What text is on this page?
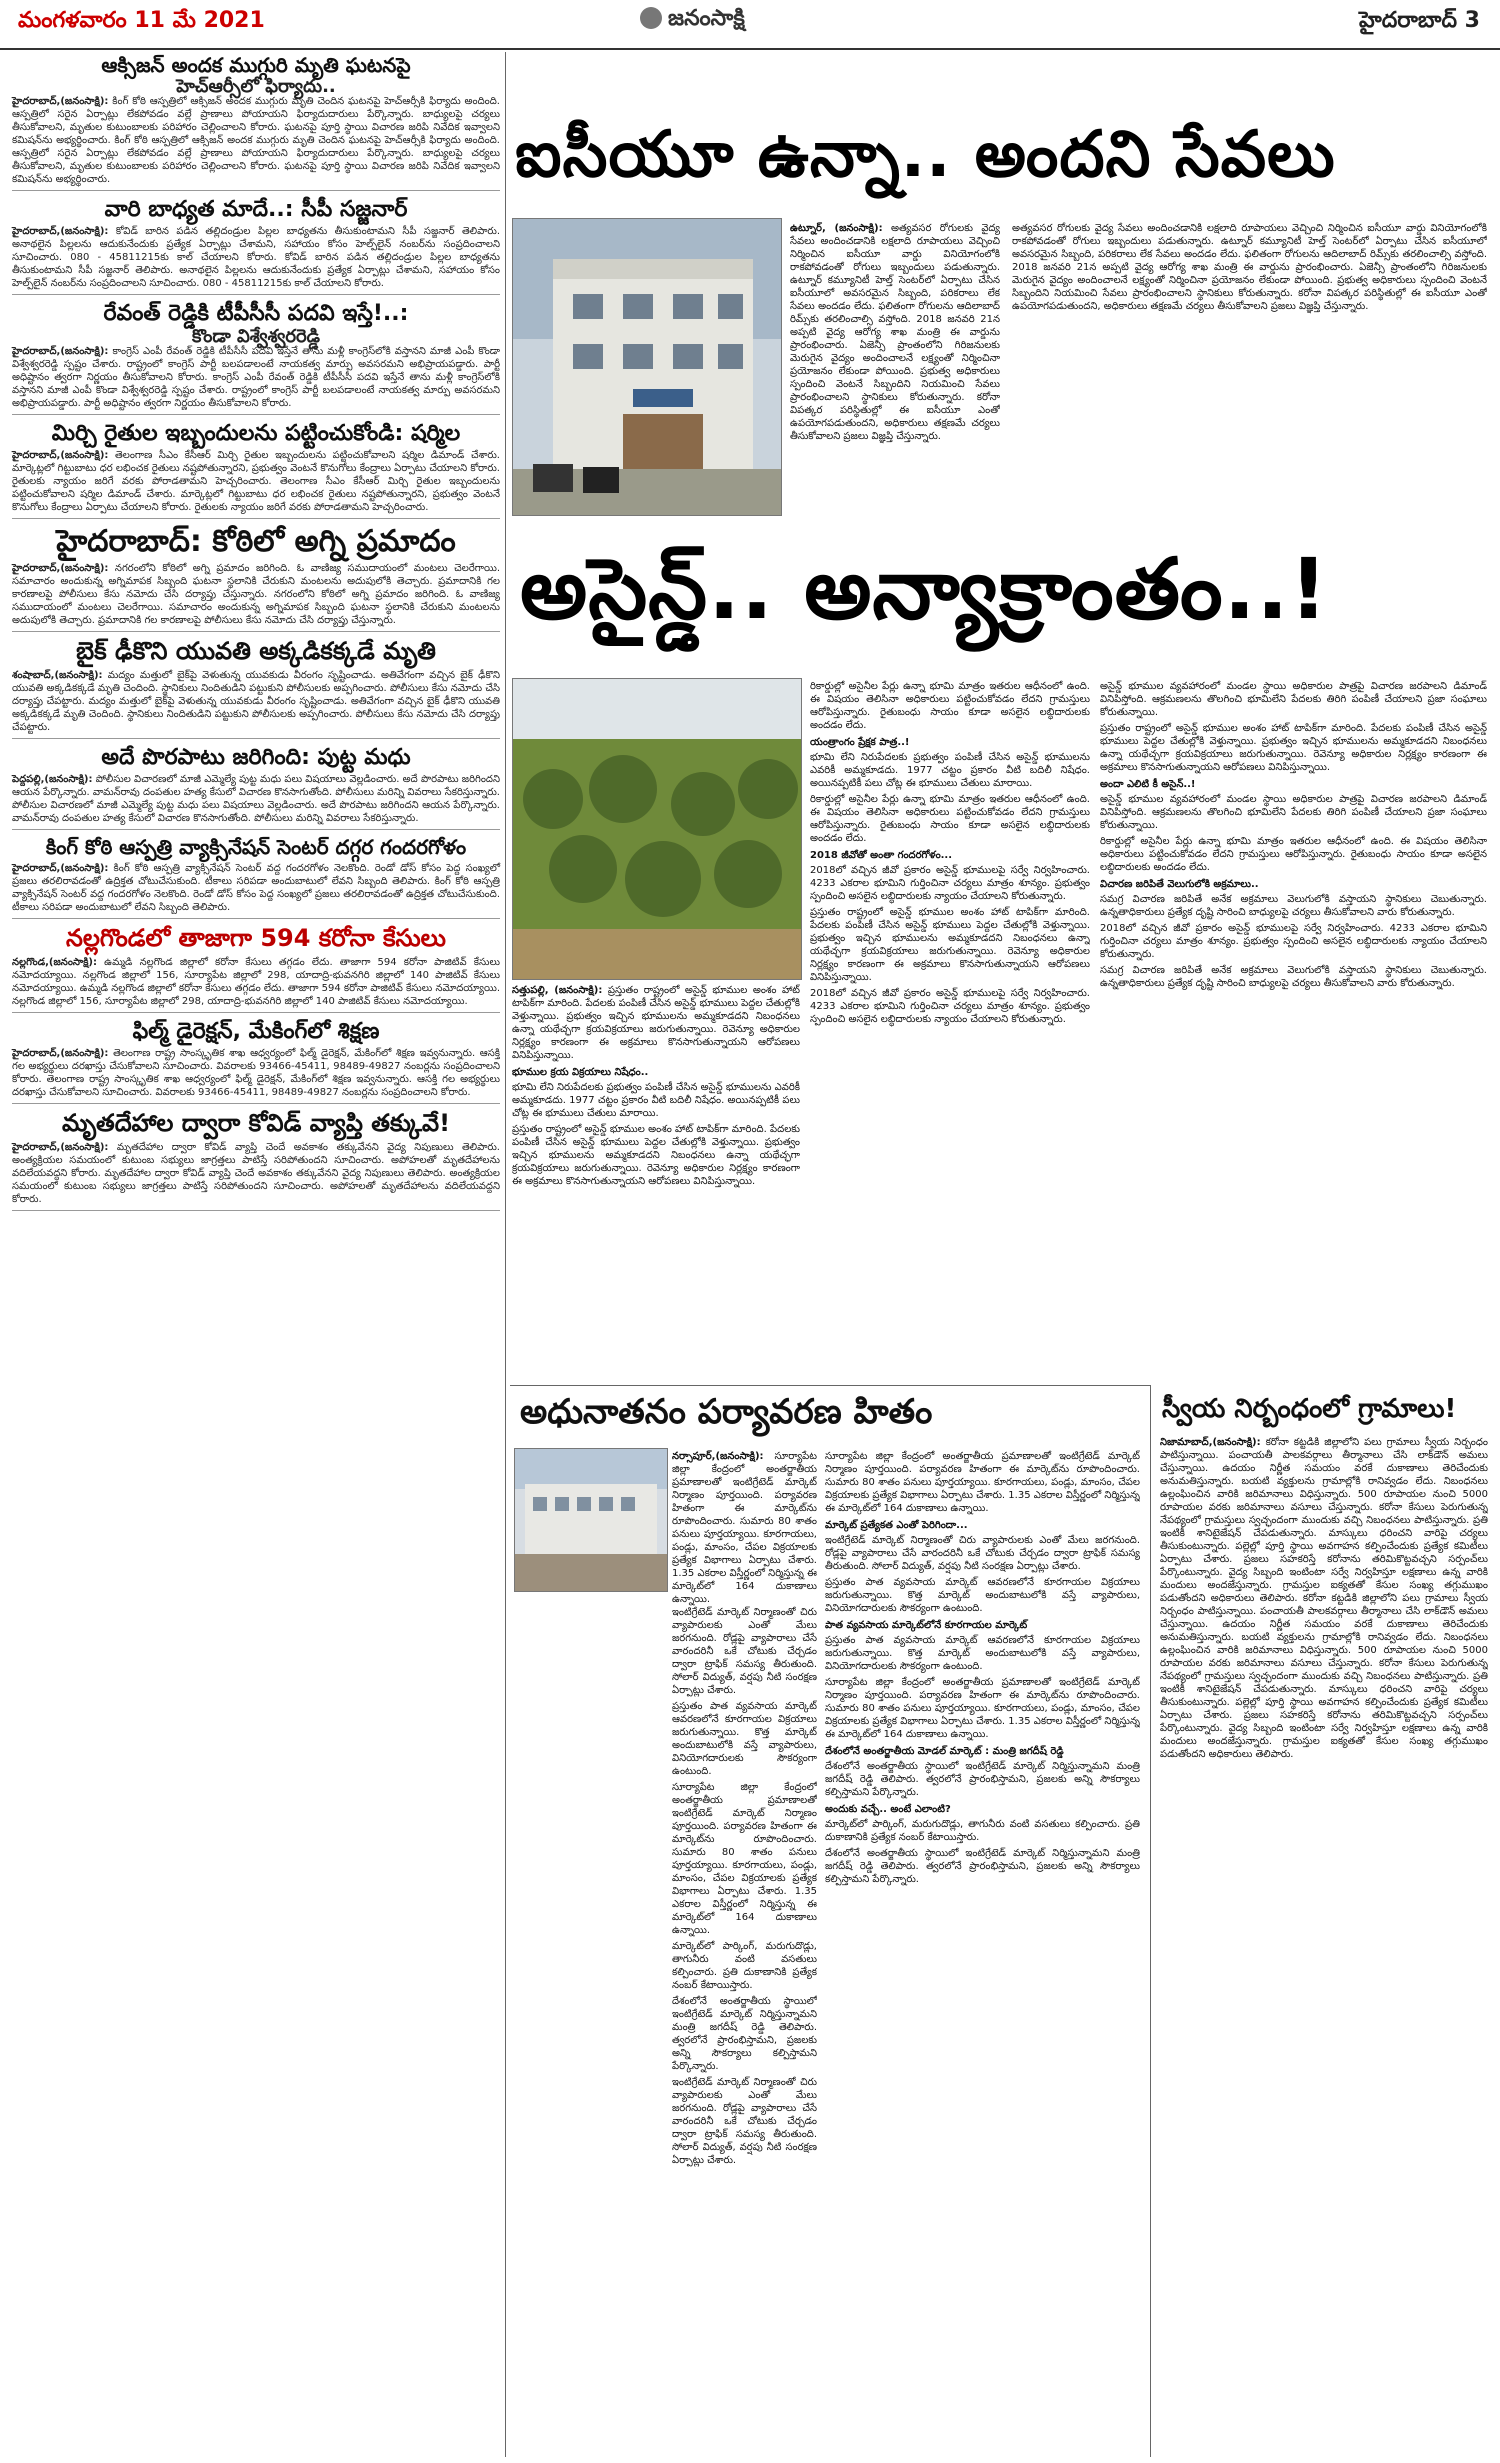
మంగళవారం 11 మే 2021	జనంసాక్షి	హైదరాబాద్ 3
ఆక్సిజన్ అందక ముగ్గురి మృతి ఘటనపై
హెచ్ఆర్సీలో ఫిర్యాదు..
హైదరాబాద్,(జనంసాక్షి): కింగ్ కోఠి ఆస్పత్రిలో ఆక్సిజన్ అందక ముగ్గురు మృతి చెందిన ఘటనపై హెచ్ఆర్సీకి ఫిర్యాదు అందింది. ఆస్పత్రిలో సరైన ఏర్పాట్లు లేకపోవడం వల్లే ప్రాణాలు పోయాయని ఫిర్యాదుదారులు పేర్కొన్నారు. బాధ్యులపై చర్యలు తీసుకోవాలని, మృతుల కుటుంబాలకు పరిహారం చెల్లించాలని కోరారు. ఘటనపై పూర్తి స్థాయి విచారణ జరిపి నివేదిక ఇవ్వాలని కమిషన్‌ను అభ్యర్థించారు. కింగ్ కోఠి ఆస్పత్రిలో ఆక్సిజన్ అందక ముగ్గురు మృతి చెందిన ఘటనపై హెచ్ఆర్సీకి ఫిర్యాదు అందింది. ఆస్పత్రిలో సరైన ఏర్పాట్లు లేకపోవడం వల్లే ప్రాణాలు పోయాయని ఫిర్యాదుదారులు పేర్కొన్నారు. బాధ్యులపై చర్యలు తీసుకోవాలని, మృతుల కుటుంబాలకు పరిహారం చెల్లించాలని కోరారు. ఘటనపై పూర్తి స్థాయి విచారణ జరిపి నివేదిక ఇవ్వాలని కమిషన్‌ను అభ్యర్థించారు.
వారి బాధ్యత మాదే..: సీపీ సజ్జనార్
హైదరాబాద్,(జనంసాక్షి): కోవిడ్ బారిన పడిన తల్లిదండ్రుల పిల్లల బాధ్యతను తీసుకుంటామని సీపీ సజ్జనార్ తెలిపారు. అనాథలైన పిల్లలను ఆదుకునేందుకు ప్రత్యేక ఏర్పాట్లు చేశామని, సహాయం కోసం హెల్ప్‌లైన్ నంబర్‌ను సంప్రదించాలని సూచించారు. 080 - 45811215కు కాల్ చేయాలని కోరారు. కోవిడ్ బారిన పడిన తల్లిదండ్రుల పిల్లల బాధ్యతను తీసుకుంటామని సీపీ సజ్జనార్ తెలిపారు. అనాథలైన పిల్లలను ఆదుకునేందుకు ప్రత్యేక ఏర్పాట్లు చేశామని, సహాయం కోసం హెల్ప్‌లైన్ నంబర్‌ను సంప్రదించాలని సూచించారు. 080 - 45811215కు కాల్ చేయాలని కోరారు.
రేవంత్ రెడ్డికి టీపీసీసీ పదవి ఇస్తే!..:
కొండా విశ్వేశ్వరరెడ్డి
హైదరాబాద్,(జనంసాక్షి): కాంగ్రెస్ ఎంపీ రేవంత్ రెడ్డికి టీపీసీసీ పదవి ఇస్తేనే తాను మళ్లీ కాంగ్రెస్‌లోకి వస్తానని మాజీ ఎంపీ కొండా విశ్వేశ్వరరెడ్డి స్పష్టం చేశారు. రాష్ట్రంలో కాంగ్రెస్ పార్టీ బలపడాలంటే నాయకత్వ మార్పు అవసరమని అభిప్రాయపడ్డారు. పార్టీ అధిష్టానం త్వరగా నిర్ణయం తీసుకోవాలని కోరారు. కాంగ్రెస్ ఎంపీ రేవంత్ రెడ్డికి టీపీసీసీ పదవి ఇస్తేనే తాను మళ్లీ కాంగ్రెస్‌లోకి వస్తానని మాజీ ఎంపీ కొండా విశ్వేశ్వరరెడ్డి స్పష్టం చేశారు. రాష్ట్రంలో కాంగ్రెస్ పార్టీ బలపడాలంటే నాయకత్వ మార్పు అవసరమని అభిప్రాయపడ్డారు. పార్టీ అధిష్టానం త్వరగా నిర్ణయం తీసుకోవాలని కోరారు.
మిర్చి రైతుల ఇబ్బందులను పట్టించుకోండి: షర్మిల
హైదరాబాద్,(జనంసాక్షి): తెలంగాణ సీఎం కేసీఆర్ మిర్చి రైతుల ఇబ్బందులను పట్టించుకోవాలని షర్మిల డిమాండ్ చేశారు. మార్కెట్లలో గిట్టుబాటు ధర లభించక రైతులు నష్టపోతున్నారని, ప్రభుత్వం వెంటనే కొనుగోలు కేంద్రాలు ఏర్పాటు చేయాలని కోరారు. రైతులకు న్యాయం జరిగే వరకు పోరాడతామని హెచ్చరించారు. తెలంగాణ సీఎం కేసీఆర్ మిర్చి రైతుల ఇబ్బందులను పట్టించుకోవాలని షర్మిల డిమాండ్ చేశారు. మార్కెట్లలో గిట్టుబాటు ధర లభించక రైతులు నష్టపోతున్నారని, ప్రభుత్వం వెంటనే కొనుగోలు కేంద్రాలు ఏర్పాటు చేయాలని కోరారు. రైతులకు న్యాయం జరిగే వరకు పోరాడతామని హెచ్చరించారు.
హైదరాబాద్: కోఠిలో అగ్ని ప్రమాదం
హైదరాబాద్,(జనంసాక్షి): నగరంలోని కోఠిలో అగ్ని ప్రమాదం జరిగింది. ఓ వాణిజ్య సముదాయంలో మంటలు చెలరేగాయి. సమాచారం అందుకున్న అగ్నిమాపక సిబ్బంది ఘటనా స్థలానికి చేరుకుని మంటలను అదుపులోకి తెచ్చారు. ప్రమాదానికి గల కారణాలపై పోలీసులు కేసు నమోదు చేసి దర్యాప్తు చేస్తున్నారు. నగరంలోని కోఠిలో అగ్ని ప్రమాదం జరిగింది. ఓ వాణిజ్య సముదాయంలో మంటలు చెలరేగాయి. సమాచారం అందుకున్న అగ్నిమాపక సిబ్బంది ఘటనా స్థలానికి చేరుకుని మంటలను అదుపులోకి తెచ్చారు. ప్రమాదానికి గల కారణాలపై పోలీసులు కేసు నమోదు చేసి దర్యాప్తు చేస్తున్నారు.
బైక్ ఢీకొని యువతి అక్కడికక్కడే మృతి
శంషాబాద్,(జనంసాక్షి): మద్యం మత్తులో బైక్‌పై వెళుతున్న యువకుడు వీరంగం సృష్టించాడు. అతివేగంగా వచ్చిన బైక్ ఢీకొని యువతి అక్కడికక్కడే మృతి చెందింది. స్థానికులు నిందితుడిని పట్టుకుని పోలీసులకు అప్పగించారు. పోలీసులు కేసు నమోదు చేసి దర్యాప్తు చేపట్టారు. మద్యం మత్తులో బైక్‌పై వెళుతున్న యువకుడు వీరంగం సృష్టించాడు. అతివేగంగా వచ్చిన బైక్ ఢీకొని యువతి అక్కడికక్కడే మృతి చెందింది. స్థానికులు నిందితుడిని పట్టుకుని పోలీసులకు అప్పగించారు. పోలీసులు కేసు నమోదు చేసి దర్యాప్తు చేపట్టారు.
అదే పొరపాటు జరిగింది: పుట్ట మధు
పెద్దపల్లి,(జనంసాక్షి): పోలీసుల విచారణలో మాజీ ఎమ్మెల్యే పుట్ట మధు పలు విషయాలు వెల్లడించారు. అదే పొరపాటు జరిగిందని ఆయన పేర్కొన్నారు. వామన్‌రావు దంపతుల హత్య కేసులో విచారణ కొనసాగుతోంది. పోలీసులు మరిన్ని వివరాలు సేకరిస్తున్నారు. పోలీసుల విచారణలో మాజీ ఎమ్మెల్యే పుట్ట మధు పలు విషయాలు వెల్లడించారు. అదే పొరపాటు జరిగిందని ఆయన పేర్కొన్నారు. వామన్‌రావు దంపతుల హత్య కేసులో విచారణ కొనసాగుతోంది. పోలీసులు మరిన్ని వివరాలు సేకరిస్తున్నారు.
కింగ్ కోఠి ఆస్పత్రి వ్యాక్సినేషన్ సెంటర్ దగ్గర గందరగోళం
హైదరాబాద్,(జనంసాక్షి): కింగ్ కోఠి ఆస్పత్రి వ్యాక్సినేషన్ సెంటర్ వద్ద గందరగోళం నెలకొంది. రెండో డోస్ కోసం పెద్ద సంఖ్యలో ప్రజలు తరలిరావడంతో ఉద్రిక్తత చోటుచేసుకుంది. టీకాలు సరిపడా అందుబాటులో లేవని సిబ్బంది తెలిపారు. కింగ్ కోఠి ఆస్పత్రి వ్యాక్సినేషన్ సెంటర్ వద్ద గందరగోళం నెలకొంది. రెండో డోస్ కోసం పెద్ద సంఖ్యలో ప్రజలు తరలిరావడంతో ఉద్రిక్తత చోటుచేసుకుంది. టీకాలు సరిపడా అందుబాటులో లేవని సిబ్బంది తెలిపారు.
నల్లగొండలో తాజాగా 594 కరోనా కేసులు
నల్లగొండ,(జనంసాక్షి): ఉమ్మడి నల్లగొండ జిల్లాలో కరోనా కేసులు తగ్గడం లేదు. తాజాగా 594 కరోనా పాజిటివ్ కేసులు నమోదయ్యాయి. నల్లగొండ జిల్లాలో 156, సూర్యాపేట జిల్లాలో 298, యాదాద్రి-భువనగిరి జిల్లాలో 140 పాజిటివ్ కేసులు నమోదయ్యాయి. ఉమ్మడి నల్లగొండ జిల్లాలో కరోనా కేసులు తగ్గడం లేదు. తాజాగా 594 కరోనా పాజిటివ్ కేసులు నమోదయ్యాయి. నల్లగొండ జిల్లాలో 156, సూర్యాపేట జిల్లాలో 298, యాదాద్రి-భువనగిరి జిల్లాలో 140 పాజిటివ్ కేసులు నమోదయ్యాయి.
ఫిల్మ్ డైరెక్షన్, మేకింగ్‌లో శిక్షణ
హైదరాబాద్,(జనంసాక్షి): తెలంగాణ రాష్ట్ర సాంస్కృతిక శాఖ ఆధ్వర్యంలో ఫిల్మ్ డైరెక్షన్, మేకింగ్‌లో శిక్షణ ఇవ్వనున్నారు. ఆసక్తి గల అభ్యర్థులు దరఖాస్తు చేసుకోవాలని సూచించారు. వివరాలకు 93466-45411, 98489-49827 నంబర్లను సంప్రదించాలని కోరారు. తెలంగాణ రాష్ట్ర సాంస్కృతిక శాఖ ఆధ్వర్యంలో ఫిల్మ్ డైరెక్షన్, మేకింగ్‌లో శిక్షణ ఇవ్వనున్నారు. ఆసక్తి గల అభ్యర్థులు దరఖాస్తు చేసుకోవాలని సూచించారు. వివరాలకు 93466-45411, 98489-49827 నంబర్లను సంప్రదించాలని కోరారు.
మృతదేహాల ద్వారా కోవిడ్ వ్యాప్తి తక్కువే!
హైదరాబాద్,(జనంసాక్షి): మృతదేహాల ద్వారా కోవిడ్ వ్యాప్తి చెందే అవకాశం తక్కువేనని వైద్య నిపుణులు తెలిపారు. అంత్యక్రియల సమయంలో కుటుంబ సభ్యులు జాగ్రత్తలు పాటిస్తే సరిపోతుందని సూచించారు. అపోహలతో మృతదేహాలను వదిలేయవద్దని కోరారు. మృతదేహాల ద్వారా కోవిడ్ వ్యాప్తి చెందే అవకాశం తక్కువేనని వైద్య నిపుణులు తెలిపారు. అంత్యక్రియల సమయంలో కుటుంబ సభ్యులు జాగ్రత్తలు పాటిస్తే సరిపోతుందని సూచించారు. అపోహలతో మృతదేహాలను వదిలేయవద్దని కోరారు.
ఐసీయూ ఉన్నా.. అందని సేవలు
ఉట్నూర్, (జనంసాక్షి): అత్యవసర రోగులకు వైద్య సేవలు అందించడానికి లక్షలాది రూపాయలు వెచ్చించి నిర్మించిన ఐసీయూ వార్డు వినియోగంలోకి రాకపోవడంతో రోగులు ఇబ్బందులు పడుతున్నారు. ఉట్నూర్ కమ్యూనిటీ హెల్త్ సెంటర్‌లో ఏర్పాటు చేసిన ఐసీయూలో అవసరమైన సిబ్బంది, పరికరాలు లేక సేవలు అందడం లేదు. ఫలితంగా రోగులను ఆదిలాబాద్ రిమ్స్‌కు తరలించాల్సి వస్తోంది. 2018 జనవరి 21న అప్పటి వైద్య ఆరోగ్య శాఖ మంత్రి ఈ వార్డును ప్రారంభించారు. ఏజెన్సీ ప్రాంతంలోని గిరిజనులకు మెరుగైన వైద్యం అందించాలనే లక్ష్యంతో నిర్మించినా ప్రయోజనం లేకుండా పోయింది. ప్రభుత్వ అధికారులు స్పందించి వెంటనే సిబ్బందిని నియమించి సేవలు ప్రారంభించాలని స్థానికులు కోరుతున్నారు. కరోనా విపత్కర పరిస్థితుల్లో ఈ ఐసీయూ ఎంతో ఉపయోగపడుతుందని, అధికారులు తక్షణమే చర్యలు తీసుకోవాలని ప్రజలు విజ్ఞప్తి చేస్తున్నారు.
అత్యవసర రోగులకు వైద్య సేవలు అందించడానికి లక్షలాది రూపాయలు వెచ్చించి నిర్మించిన ఐసీయూ వార్డు వినియోగంలోకి రాకపోవడంతో రోగులు ఇబ్బందులు పడుతున్నారు. ఉట్నూర్ కమ్యూనిటీ హెల్త్ సెంటర్‌లో ఏర్పాటు చేసిన ఐసీయూలో అవసరమైన సిబ్బంది, పరికరాలు లేక సేవలు అందడం లేదు. ఫలితంగా రోగులను ఆదిలాబాద్ రిమ్స్‌కు తరలించాల్సి వస్తోంది. 2018 జనవరి 21న అప్పటి వైద్య ఆరోగ్య శాఖ మంత్రి ఈ వార్డును ప్రారంభించారు. ఏజెన్సీ ప్రాంతంలోని గిరిజనులకు మెరుగైన వైద్యం అందించాలనే లక్ష్యంతో నిర్మించినా ప్రయోజనం లేకుండా పోయింది. ప్రభుత్వ అధికారులు స్పందించి వెంటనే సిబ్బందిని నియమించి సేవలు ప్రారంభించాలని స్థానికులు కోరుతున్నారు. కరోనా విపత్కర పరిస్థితుల్లో ఈ ఐసీయూ ఎంతో ఉపయోగపడుతుందని, అధికారులు తక్షణమే చర్యలు తీసుకోవాలని ప్రజలు విజ్ఞప్తి చేస్తున్నారు.
అసైన్డ్.. అన్యాక్రాంతం..!
సత్తుపల్లి, (జనంసాక్షి): ప్రస్తుతం రాష్ట్రంలో అసైన్డ్ భూముల అంశం హాట్ టాపిక్‌గా మారింది. పేదలకు పంపిణీ చేసిన అసైన్డ్ భూములు పెద్దల చేతుల్లోకి వెళ్తున్నాయి. ప్రభుత్వం ఇచ్చిన భూములను అమ్మకూడదని నిబంధనలు ఉన్నా యథేచ్ఛగా క్రయవిక్రయాలు జరుగుతున్నాయి. రెవెన్యూ అధికారుల నిర్లక్ష్యం కారణంగా ఈ అక్రమాలు కొనసాగుతున్నాయని ఆరోపణలు వినిపిస్తున్నాయి.
భూముల క్రయ విక్రయాలు నిషేధం..
భూమి లేని నిరుపేదలకు ప్రభుత్వం పంపిణీ చేసిన అసైన్డ్ భూములను ఎవరికీ అమ్మకూడదు. 1977 చట్టం ప్రకారం వీటి బదిలీ నిషేధం. అయినప్పటికీ పలు చోట్ల ఈ భూములు చేతులు మారాయి.
ప్రస్తుతం రాష్ట్రంలో అసైన్డ్ భూముల అంశం హాట్ టాపిక్‌గా మారింది. పేదలకు పంపిణీ చేసిన అసైన్డ్ భూములు పెద్దల చేతుల్లోకి వెళ్తున్నాయి. ప్రభుత్వం ఇచ్చిన భూములను అమ్మకూడదని నిబంధనలు ఉన్నా యథేచ్ఛగా క్రయవిక్రయాలు జరుగుతున్నాయి. రెవెన్యూ అధికారుల నిర్లక్ష్యం కారణంగా ఈ అక్రమాలు కొనసాగుతున్నాయని ఆరోపణలు వినిపిస్తున్నాయి.
రికార్డుల్లో అసైనీల పేర్లు ఉన్నా భూమి మాత్రం ఇతరుల ఆధీనంలో ఉంది. ఈ విషయం తెలిసినా అధికారులు పట్టించుకోవడం లేదని గ్రామస్తులు ఆరోపిస్తున్నారు. రైతుబంధు సాయం కూడా అసలైన లబ్ధిదారులకు అందడం లేదు.
యంత్రాంగం ప్రేక్షక పాత్ర..!
భూమి లేని నిరుపేదలకు ప్రభుత్వం పంపిణీ చేసిన అసైన్డ్ భూములను ఎవరికీ అమ్మకూడదు. 1977 చట్టం ప్రకారం వీటి బదిలీ నిషేధం. అయినప్పటికీ పలు చోట్ల ఈ భూములు చేతులు మారాయి.
రికార్డుల్లో అసైనీల పేర్లు ఉన్నా భూమి మాత్రం ఇతరుల ఆధీనంలో ఉంది. ఈ విషయం తెలిసినా అధికారులు పట్టించుకోవడం లేదని గ్రామస్తులు ఆరోపిస్తున్నారు. రైతుబంధు సాయం కూడా అసలైన లబ్ధిదారులకు అందడం లేదు.
2018 జీవోతో అంతా గందరగోళం...
2018లో వచ్చిన జీవో ప్రకారం అసైన్డ్ భూములపై సర్వే నిర్వహించారు. 4233 ఎకరాల భూమిని గుర్తించినా చర్యలు మాత్రం శూన్యం. ప్రభుత్వం స్పందించి అసలైన లబ్ధిదారులకు న్యాయం చేయాలని కోరుతున్నారు.
ప్రస్తుతం రాష్ట్రంలో అసైన్డ్ భూముల అంశం హాట్ టాపిక్‌గా మారింది. పేదలకు పంపిణీ చేసిన అసైన్డ్ భూములు పెద్దల చేతుల్లోకి వెళ్తున్నాయి. ప్రభుత్వం ఇచ్చిన భూములను అమ్మకూడదని నిబంధనలు ఉన్నా యథేచ్ఛగా క్రయవిక్రయాలు జరుగుతున్నాయి. రెవెన్యూ అధికారుల నిర్లక్ష్యం కారణంగా ఈ అక్రమాలు కొనసాగుతున్నాయని ఆరోపణలు వినిపిస్తున్నాయి.
2018లో వచ్చిన జీవో ప్రకారం అసైన్డ్ భూములపై సర్వే నిర్వహించారు. 4233 ఎకరాల భూమిని గుర్తించినా చర్యలు మాత్రం శూన్యం. ప్రభుత్వం స్పందించి అసలైన లబ్ధిదారులకు న్యాయం చేయాలని కోరుతున్నారు.
అసైన్డ్ భూముల వ్యవహారంలో మండల స్థాయి అధికారుల పాత్రపై విచారణ జరపాలని డిమాండ్ వినిపిస్తోంది. ఆక్రమణలను తొలగించి భూమిలేని పేదలకు తిరిగి పంపిణీ చేయాలని ప్రజా సంఘాలు కోరుతున్నాయి.
ప్రస్తుతం రాష్ట్రంలో అసైన్డ్ భూముల అంశం హాట్ టాపిక్‌గా మారింది. పేదలకు పంపిణీ చేసిన అసైన్డ్ భూములు పెద్దల చేతుల్లోకి వెళ్తున్నాయి. ప్రభుత్వం ఇచ్చిన భూములను అమ్మకూడదని నిబంధనలు ఉన్నా యథేచ్ఛగా క్రయవిక్రయాలు జరుగుతున్నాయి. రెవెన్యూ అధికారుల నిర్లక్ష్యం కారణంగా ఈ అక్రమాలు కొనసాగుతున్నాయని ఆరోపణలు వినిపిస్తున్నాయి.
అందా ఎలిటి కీ అసైన్..!
అసైన్డ్ భూముల వ్యవహారంలో మండల స్థాయి అధికారుల పాత్రపై విచారణ జరపాలని డిమాండ్ వినిపిస్తోంది. ఆక్రమణలను తొలగించి భూమిలేని పేదలకు తిరిగి పంపిణీ చేయాలని ప్రజా సంఘాలు కోరుతున్నాయి.
రికార్డుల్లో అసైనీల పేర్లు ఉన్నా భూమి మాత్రం ఇతరుల ఆధీనంలో ఉంది. ఈ విషయం తెలిసినా అధికారులు పట్టించుకోవడం లేదని గ్రామస్తులు ఆరోపిస్తున్నారు. రైతుబంధు సాయం కూడా అసలైన లబ్ధిదారులకు అందడం లేదు.
విచారణ జరిపితే వెలుగులోకి అక్రమాలు..
సమగ్ర విచారణ జరిపితే అనేక అక్రమాలు వెలుగులోకి వస్తాయని స్థానికులు చెబుతున్నారు. ఉన్నతాధికారులు ప్రత్యేక దృష్టి సారించి బాధ్యులపై చర్యలు తీసుకోవాలని వారు కోరుతున్నారు.
2018లో వచ్చిన జీవో ప్రకారం అసైన్డ్ భూములపై సర్వే నిర్వహించారు. 4233 ఎకరాల భూమిని గుర్తించినా చర్యలు మాత్రం శూన్యం. ప్రభుత్వం స్పందించి అసలైన లబ్ధిదారులకు న్యాయం చేయాలని కోరుతున్నారు.
సమగ్ర విచారణ జరిపితే అనేక అక్రమాలు వెలుగులోకి వస్తాయని స్థానికులు చెబుతున్నారు. ఉన్నతాధికారులు ప్రత్యేక దృష్టి సారించి బాధ్యులపై చర్యలు తీసుకోవాలని వారు కోరుతున్నారు.
అధునాతనం పర్యావరణ హితం
నర్సాపూర్,(జనంసాక్షి): సూర్యాపేట జిల్లా కేంద్రంలో అంతర్జాతీయ ప్రమాణాలతో ఇంటిగ్రేటెడ్ మార్కెట్ నిర్మాణం పూర్తయింది. పర్యావరణ హితంగా ఈ మార్కెట్‌ను రూపొందించారు. సుమారు 80 శాతం పనులు పూర్తయ్యాయి. కూరగాయలు, పండ్లు, మాంసం, చేపల విక్రయాలకు ప్రత్యేక విభాగాలు ఏర్పాటు చేశారు. 1.35 ఎకరాల విస్తీర్ణంలో నిర్మిస్తున్న ఈ మార్కెట్‌లో 164 దుకాణాలు ఉన్నాయి.
ఇంటిగ్రేటెడ్ మార్కెట్ నిర్మాణంతో చిరు వ్యాపారులకు ఎంతో మేలు జరగనుంది. రోడ్లపై వ్యాపారాలు చేసే వారందరినీ ఒకే చోటుకు చేర్చడం ద్వారా ట్రాఫిక్ సమస్య తీరుతుంది. సోలార్ విద్యుత్, వర్షపు నీటి సంరక్షణ ఏర్పాట్లు చేశారు.
ప్రస్తుతం పాత వ్యవసాయ మార్కెట్ ఆవరణలోనే కూరగాయల విక్రయాలు జరుగుతున్నాయి. కొత్త మార్కెట్ అందుబాటులోకి వస్తే వ్యాపారులు, వినియోగదారులకు సౌకర్యంగా ఉంటుంది.
సూర్యాపేట జిల్లా కేంద్రంలో అంతర్జాతీయ ప్రమాణాలతో ఇంటిగ్రేటెడ్ మార్కెట్ నిర్మాణం పూర్తయింది. పర్యావరణ హితంగా ఈ మార్కెట్‌ను రూపొందించారు. సుమారు 80 శాతం పనులు పూర్తయ్యాయి. కూరగాయలు, పండ్లు, మాంసం, చేపల విక్రయాలకు ప్రత్యేక విభాగాలు ఏర్పాటు చేశారు. 1.35 ఎకరాల విస్తీర్ణంలో నిర్మిస్తున్న ఈ మార్కెట్‌లో 164 దుకాణాలు ఉన్నాయి.
మార్కెట్‌లో పార్కింగ్, మరుగుదొడ్లు, తాగునీరు వంటి వసతులు కల్పించారు. ప్రతి దుకాణానికి ప్రత్యేక నంబర్ కేటాయిస్తారు.
దేశంలోనే అంతర్జాతీయ స్థాయిలో ఇంటిగ్రేటెడ్ మార్కెట్ నిర్మిస్తున్నామని మంత్రి జగదీష్ రెడ్డి తెలిపారు. త్వరలోనే ప్రారంభిస్తామని, ప్రజలకు అన్ని సౌకర్యాలు కల్పిస్తామని పేర్కొన్నారు.
ఇంటిగ్రేటెడ్ మార్కెట్ నిర్మాణంతో చిరు వ్యాపారులకు ఎంతో మేలు జరగనుంది. రోడ్లపై వ్యాపారాలు చేసే వారందరినీ ఒకే చోటుకు చేర్చడం ద్వారా ట్రాఫిక్ సమస్య తీరుతుంది. సోలార్ విద్యుత్, వర్షపు నీటి సంరక్షణ ఏర్పాట్లు చేశారు.
సూర్యాపేట జిల్లా కేంద్రంలో అంతర్జాతీయ ప్రమాణాలతో ఇంటిగ్రేటెడ్ మార్కెట్ నిర్మాణం పూర్తయింది. పర్యావరణ హితంగా ఈ మార్కెట్‌ను రూపొందించారు. సుమారు 80 శాతం పనులు పూర్తయ్యాయి. కూరగాయలు, పండ్లు, మాంసం, చేపల విక్రయాలకు ప్రత్యేక విభాగాలు ఏర్పాటు చేశారు. 1.35 ఎకరాల విస్తీర్ణంలో నిర్మిస్తున్న ఈ మార్కెట్‌లో 164 దుకాణాలు ఉన్నాయి.
మార్కెట్ ప్రత్యేకత ఎంతో పెరిగిందా...
ఇంటిగ్రేటెడ్ మార్కెట్ నిర్మాణంతో చిరు వ్యాపారులకు ఎంతో మేలు జరగనుంది. రోడ్లపై వ్యాపారాలు చేసే వారందరినీ ఒకే చోటుకు చేర్చడం ద్వారా ట్రాఫిక్ సమస్య తీరుతుంది. సోలార్ విద్యుత్, వర్షపు నీటి సంరక్షణ ఏర్పాట్లు చేశారు.
ప్రస్తుతం పాత వ్యవసాయ మార్కెట్ ఆవరణలోనే కూరగాయల విక్రయాలు జరుగుతున్నాయి. కొత్త మార్కెట్ అందుబాటులోకి వస్తే వ్యాపారులు, వినియోగదారులకు సౌకర్యంగా ఉంటుంది.
పాత వ్యవసాయ మార్కెట్‌లోనే కూరగాయల మార్కెట్
ప్రస్తుతం పాత వ్యవసాయ మార్కెట్ ఆవరణలోనే కూరగాయల విక్రయాలు జరుగుతున్నాయి. కొత్త మార్కెట్ అందుబాటులోకి వస్తే వ్యాపారులు, వినియోగదారులకు సౌకర్యంగా ఉంటుంది.
సూర్యాపేట జిల్లా కేంద్రంలో అంతర్జాతీయ ప్రమాణాలతో ఇంటిగ్రేటెడ్ మార్కెట్ నిర్మాణం పూర్తయింది. పర్యావరణ హితంగా ఈ మార్కెట్‌ను రూపొందించారు. సుమారు 80 శాతం పనులు పూర్తయ్యాయి. కూరగాయలు, పండ్లు, మాంసం, చేపల విక్రయాలకు ప్రత్యేక విభాగాలు ఏర్పాటు చేశారు. 1.35 ఎకరాల విస్తీర్ణంలో నిర్మిస్తున్న ఈ మార్కెట్‌లో 164 దుకాణాలు ఉన్నాయి.
దేశంలోనే అంతర్జాతీయ మోడల్ మార్కెట్ : మంత్రి జగదీష్ రెడ్డి
దేశంలోనే అంతర్జాతీయ స్థాయిలో ఇంటిగ్రేటెడ్ మార్కెట్ నిర్మిస్తున్నామని మంత్రి జగదీష్ రెడ్డి తెలిపారు. త్వరలోనే ప్రారంభిస్తామని, ప్రజలకు అన్ని సౌకర్యాలు కల్పిస్తామని పేర్కొన్నారు.
అందుకు వచ్చే.. అంటే ఎలాంటి?
మార్కెట్‌లో పార్కింగ్, మరుగుదొడ్లు, తాగునీరు వంటి వసతులు కల్పించారు. ప్రతి దుకాణానికి ప్రత్యేక నంబర్ కేటాయిస్తారు.
దేశంలోనే అంతర్జాతీయ స్థాయిలో ఇంటిగ్రేటెడ్ మార్కెట్ నిర్మిస్తున్నామని మంత్రి జగదీష్ రెడ్డి తెలిపారు. త్వరలోనే ప్రారంభిస్తామని, ప్రజలకు అన్ని సౌకర్యాలు కల్పిస్తామని పేర్కొన్నారు.
స్వీయ నిర్బంధంలో గ్రామాలు!
నిజామాబాద్,(జనంసాక్షి): కరోనా కట్టడికి జిల్లాలోని పలు గ్రామాలు స్వీయ నిర్బంధం పాటిస్తున్నాయి. పంచాయతీ పాలకవర్గాలు తీర్మానాలు చేసి లాక్‌డౌన్ అమలు చేస్తున్నాయి. ఉదయం నిర్ణీత సమయం వరకే దుకాణాలు తెరిచేందుకు అనుమతిస్తున్నారు. బయటి వ్యక్తులను గ్రామాల్లోకి రానివ్వడం లేదు. నిబంధనలు ఉల్లంఘించిన వారికి జరిమానాలు విధిస్తున్నారు. 500 రూపాయల నుంచి 5000 రూపాయల వరకు జరిమానాలు వసూలు చేస్తున్నారు. కరోనా కేసులు పెరుగుతున్న నేపథ్యంలో గ్రామస్తులు స్వచ్ఛందంగా ముందుకు వచ్చి నిబంధనలు పాటిస్తున్నారు. ప్రతి ఇంటికీ శానిటైజేషన్ చేపడుతున్నారు. మాస్కులు ధరించని వారిపై చర్యలు తీసుకుంటున్నారు. పల్లెల్లో పూర్తి స్థాయి అవగాహన కల్పించేందుకు ప్రత్యేక కమిటీలు ఏర్పాటు చేశారు. ప్రజలు సహకరిస్తే కరోనాను తరిమికొట్టవచ్చని సర్పంచ్‌లు పేర్కొంటున్నారు. వైద్య సిబ్బంది ఇంటింటా సర్వే నిర్వహిస్తూ లక్షణాలు ఉన్న వారికి మందులు అందజేస్తున్నారు. గ్రామస్తుల ఐక్యతతో కేసుల సంఖ్య తగ్గుముఖం పడుతోందని అధికారులు తెలిపారు. కరోనా కట్టడికి జిల్లాలోని పలు గ్రామాలు స్వీయ నిర్బంధం పాటిస్తున్నాయి. పంచాయతీ పాలకవర్గాలు తీర్మానాలు చేసి లాక్‌డౌన్ అమలు చేస్తున్నాయి. ఉదయం నిర్ణీత సమయం వరకే దుకాణాలు తెరిచేందుకు అనుమతిస్తున్నారు. బయటి వ్యక్తులను గ్రామాల్లోకి రానివ్వడం లేదు. నిబంధనలు ఉల్లంఘించిన వారికి జరిమానాలు విధిస్తున్నారు. 500 రూపాయల నుంచి 5000 రూపాయల వరకు జరిమానాలు వసూలు చేస్తున్నారు. కరోనా కేసులు పెరుగుతున్న నేపథ్యంలో గ్రామస్తులు స్వచ్ఛందంగా ముందుకు వచ్చి నిబంధనలు పాటిస్తున్నారు. ప్రతి ఇంటికీ శానిటైజేషన్ చేపడుతున్నారు. మాస్కులు ధరించని వారిపై చర్యలు తీసుకుంటున్నారు. పల్లెల్లో పూర్తి స్థాయి అవగాహన కల్పించేందుకు ప్రత్యేక కమిటీలు ఏర్పాటు చేశారు. ప్రజలు సహకరిస్తే కరోనాను తరిమికొట్టవచ్చని సర్పంచ్‌లు పేర్కొంటున్నారు. వైద్య సిబ్బంది ఇంటింటా సర్వే నిర్వహిస్తూ లక్షణాలు ఉన్న వారికి మందులు అందజేస్తున్నారు. గ్రామస్తుల ఐక్యతతో కేసుల సంఖ్య తగ్గుముఖం పడుతోందని అధికారులు తెలిపారు.
